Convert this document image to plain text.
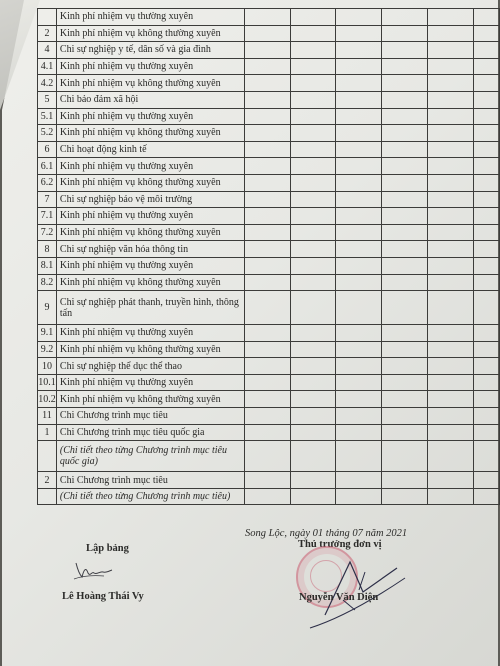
	Kinh phí nhiệm vụ thường xuyên						
2	Kinh phí nhiệm vụ không thường xuyên						
4	Chi sự nghiệp y tế, dân số và gia đình						
4.1	Kinh phí nhiệm vụ thường xuyên						
4.2	Kinh phí nhiệm vụ không thường xuyên						
5	Chi bảo đảm xã hội						
5.1	Kinh phí nhiệm vụ thường xuyên						
5.2	Kinh phí nhiệm vụ không thường xuyên						
6	Chi hoạt động kinh tế						
6.1	Kinh phí nhiệm vụ thường xuyên						
6.2	Kinh phí nhiệm vụ không thường xuyên						
7	Chi sự nghiệp bảo vệ môi trường						
7.1	Kinh phí nhiệm vụ thường xuyên						
7.2	Kinh phí nhiệm vụ không thường xuyên						
8	Chi sự nghiệp văn hóa thông tin						
8.1	Kinh phí nhiệm vụ thường xuyên						
8.2	Kinh phí nhiệm vụ không thường xuyên						
9	Chi sự nghiệp phát thanh, truyền hình, thông tấn						
9.1	Kinh phí nhiệm vụ thường xuyên						
9.2	Kinh phí nhiệm vụ không thường xuyên						
10	Chi sự nghiệp thể dục thể thao						
10.1	Kinh phí nhiệm vụ thường xuyên						
10.2	Kinh phí nhiệm vụ không thường xuyên						
11	Chi Chương trình mục tiêu						
1	Chi Chương trình mục tiêu quốc gia						
	(Chi tiết theo từng Chương trình mục tiêu quốc gia)						
2	Chi Chương trình mục tiêu						
	(Chi tiết theo từng Chương trình mục tiêu)						
Song Lộc, ngày 01 tháng 07 năm 2021
Lập bảng	Thủ trưởng đơn vị
Lê Hoàng Thái Vy	Nguyễn Văn Diện
